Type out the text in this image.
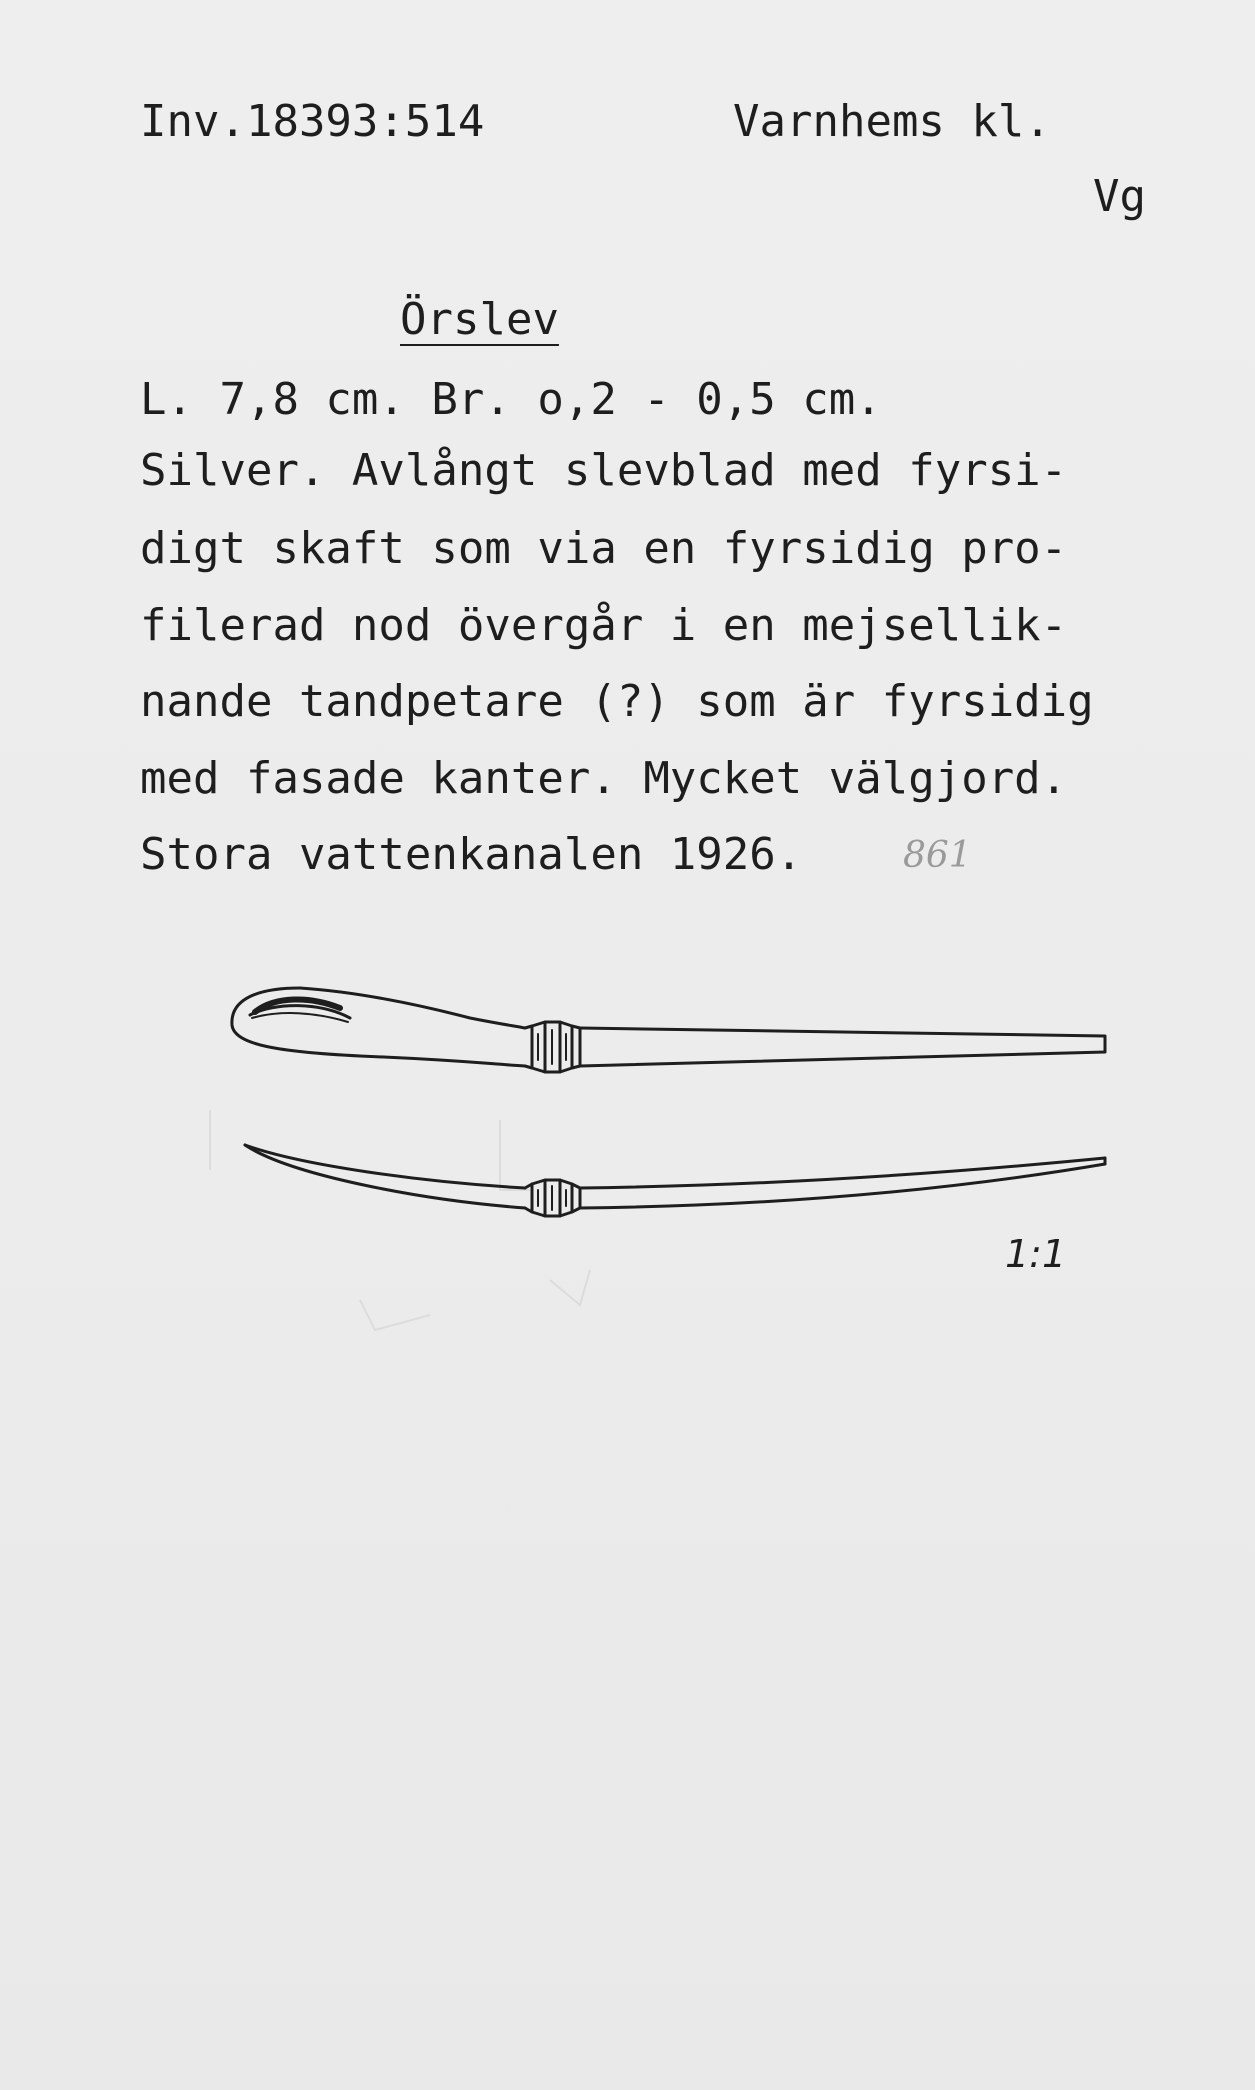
Inv.18393:514	Varnhems kl.
Vg
Örslev
L. 7,8 cm. Br. o,2 - 0,5 cm.
Silver. Avlångt slevblad med fyrsi-
digt skaft som via en fyrsidig pro-
filerad nod övergår i en mejsellik-
nande tandpetare (?) som är fyrsidig
med fasade kanter. Mycket välgjord.
Stora vattenkanalen 1926.	861
1:1
